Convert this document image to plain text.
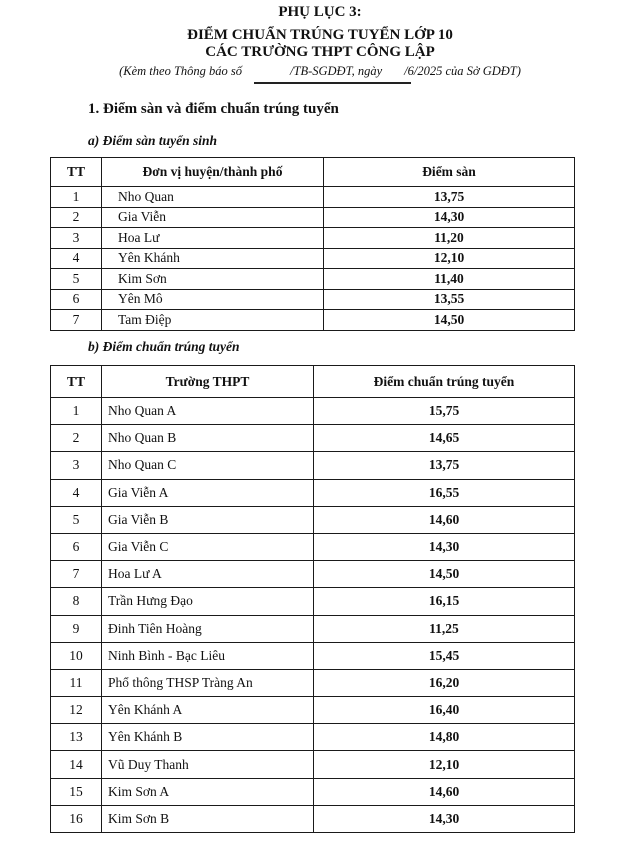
PHỤ LỤC 3:
ĐIỂM CHUẨN TRÚNG TUYỂN LỚP 10
CÁC TRƯỜNG THPT CÔNG LẬP
(Kèm theo Thông báo số	/TB-SGDĐT, ngày /6/2025 của Sở GDĐT)
1. Điểm sàn và điểm chuẩn trúng tuyển
a) Điểm sàn tuyển sinh
TT	Đơn vị huyện/thành phố	Điểm sàn
1	Nho Quan	13,75
2	Gia Viễn	14,30
3	Hoa Lư	11,20
4	Yên Khánh	12,10
5	Kim Sơn	11,40
6	Yên Mô	13,55
7	Tam Điệp	14,50
b) Điểm chuẩn trúng tuyển
TT	Trường THPT	Điểm chuẩn trúng tuyển
1	Nho Quan A	15,75
2	Nho Quan B	14,65
3	Nho Quan C	13,75
4	Gia Viễn A	16,55
5	Gia Viễn B	14,60
6	Gia Viễn C	14,30
7	Hoa Lư A	14,50
8	Trần Hưng Đạo	16,15
9	Đinh Tiên Hoàng	11,25
10	Ninh Bình - Bạc Liêu	15,45
11	Phổ thông THSP Tràng An	16,20
12	Yên Khánh A	16,40
13	Yên Khánh B	14,80
14	Vũ Duy Thanh	12,10
15	Kim Sơn A	14,60
16	Kim Sơn B	14,30
